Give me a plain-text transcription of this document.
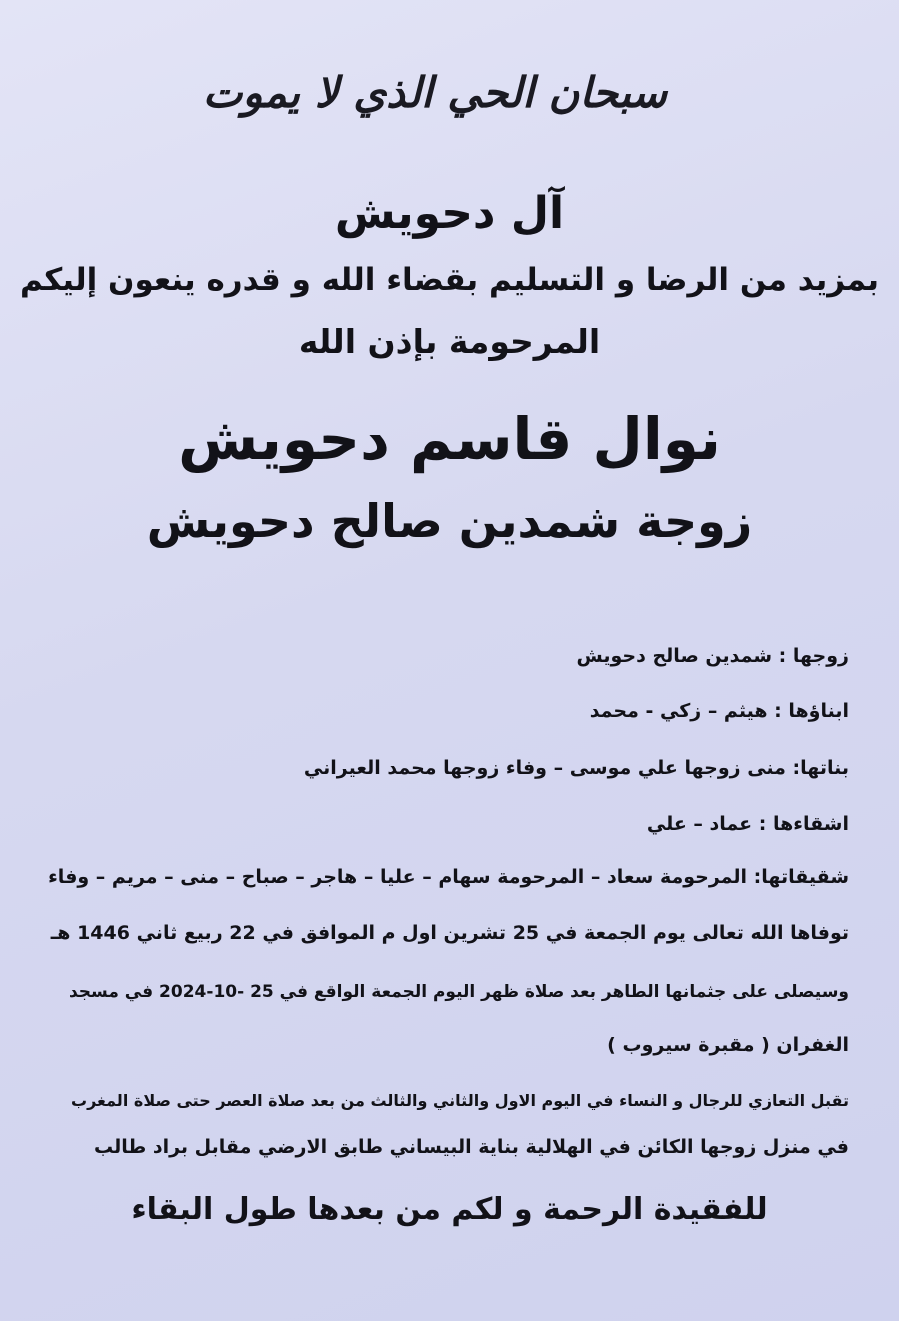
سبحان الحي الذي لا يموت
آل دحويش
بمزيد من الرضا و التسليم بقضاء الله و قدره ينعون إليكم
المرحومة بإذن الله
نوال قاسم دحويش
زوجة شمدين صالح دحويش
زوجها : شمدين صالح دحويش
ابناؤها : هيثم – زكي - محمد
بناتها: منى زوجها علي موسى – وفاء زوجها محمد العيراني
اشقاءها : عماد – علي
شقيقاتها: المرحومة سعاد – المرحومة سهام – عليا – هاجر – صباح – منى – مريم – وفاء
توفاها الله تعالى يوم الجمعة في 25 تشرين اول م الموافق في 22 ربيع ثاني 1446 هـ
وسيصلى على جثمانها الطاهر بعد صلاة ظهر اليوم الجمعة الواقع في 25 -10-2024 في مسجد
الغفران ( مقبرة سيروب )
تقبل التعازي للرجال و النساء في اليوم الاول والثاني والثالث من بعد صلاة العصر حتى صلاة المغرب
في منزل زوجها الكائن في الهلالية بناية البيساني طابق الارضي مقابل براد طالب
للفقيدة الرحمة و لكم من بعدها طول البقاء
